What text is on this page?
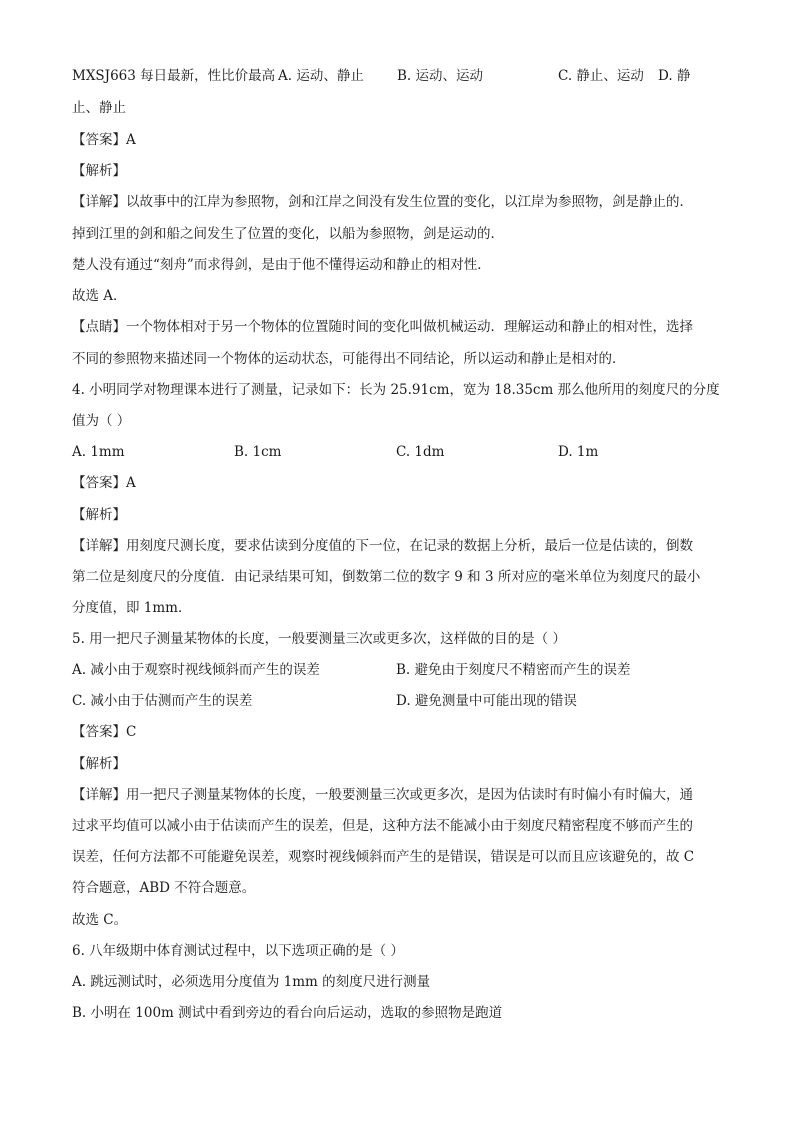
MXSJ663 每日最新，性比价最高 A. 运动、静止 B. 运动、运动	C. 静止、运动 D. 静
止、静止
【答案】A
【解析】
【详解】以故事中的江岸为参照物，剑和江岸之间没有发生位置的变化，以江岸为参照物，剑是静止的．
掉到江里的剑和船之间发生了位置的变化，以船为参照物，剑是运动的．
楚人没有通过“刻舟”而求得剑，是由于他不懂得运动和静止的相对性．
故选 A．
【点睛】一个物体相对于另一个物体的位置随时间的变化叫做机械运动．理解运动和静止的相对性，选择
不同的参照物来描述同一个物体的运动状态，可能得出不同结论，所以运动和静止是相对的．
4. 小明同学对物理课本进行了测量，记录如下：长为 25.91cm，宽为 18.35cm 那么他所用的刻度尺的分度
值为（ ）
A. 1mm	B. 1cm	C. 1dm	D. 1m
【答案】A
【解析】
【详解】用刻度尺测长度，要求估读到分度值的下一位，在记录的数据上分析，最后一位是估读的，倒数
第二位是刻度尺的分度值．由记录结果可知，倒数第二位的数字 9 和 3 所对应的毫米单位为刻度尺的最小
分度值，即 1mm．
5. 用一把尺子测量某物体的长度，一般要测量三次或更多次，这样做的目的是（ ）
A. 减小由于观察时视线倾斜而产生的误差	B. 避免由于刻度尺不精密而产生的误差
C. 减小由于估测而产生的误差	D. 避免测量中可能出现的错误
【答案】C
【解析】
【详解】用一把尺子测量某物体的长度，一般要测量三次或更多次，是因为估读时有时偏小有时偏大，通
过求平均值可以减小由于估读而产生的误差，但是，这种方法不能减小由于刻度尺精密程度不够而产生的
误差，任何方法都不可能避免误差，观察时视线倾斜而产生的是错误，错误是可以而且应该避免的，故 C
符合题意，ABD 不符合题意。
故选 C。
6. 八年级期中体育测试过程中，以下选项正确的是（ ）
A. 跳远测试时，必须选用分度值为 1mm 的刻度尺进行测量
B. 小明在 100m 测试中看到旁边的看台向后运动，选取的参照物是跑道
